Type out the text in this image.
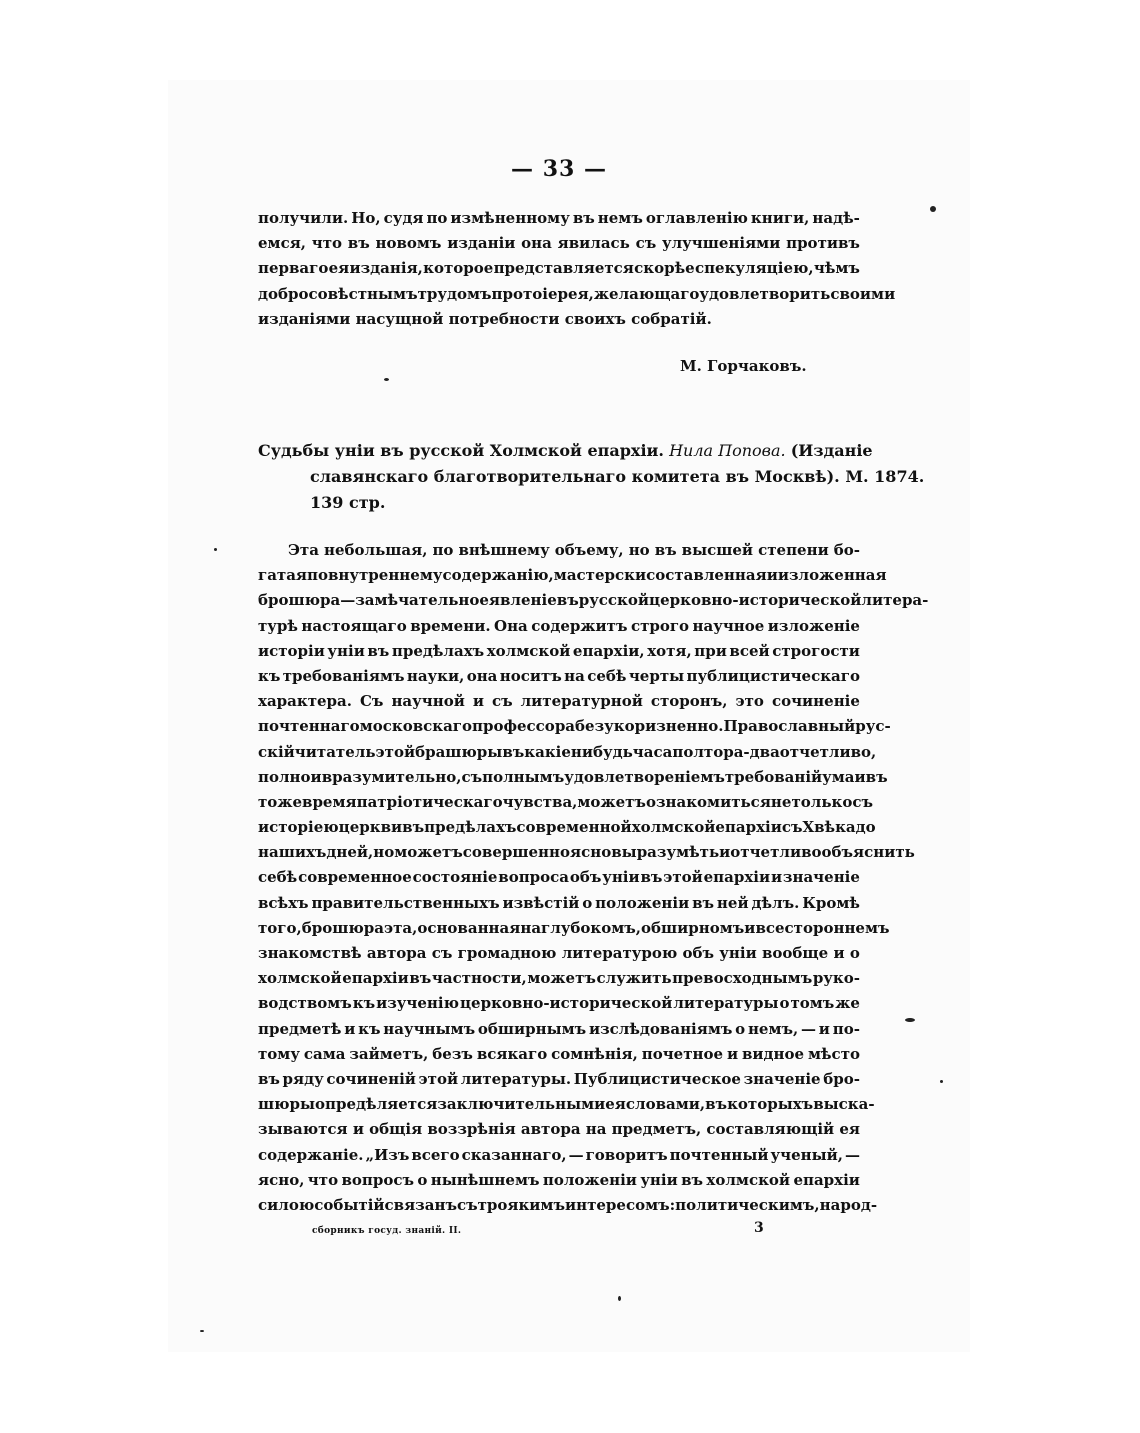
— 33 —
получили. Но, судя по измѣненному въ немъ оглавленію книги, надѣ-
емся, что въ новомъ изданіи она явилась съ улучшеніями противъ
перваго ея изданія, которое представляется скорѣе спекуляціею, чѣмъ
добросовѣстнымъ трудомъ протоіерея, желающаго удовлетворить своими
изданіями насущной потребности своихъ собратій.
М. Горчаковъ.
Судьбы уніи въ русской Холмской епархіи. Нила Попова. (Изданіе
славянскаго благотворительнаго комитета въ Москвѣ). М. 1874.
139 стр.
Эта небольшая, по внѣшнему объему, но въ высшей степени бо-
гатая по внутреннему содержанію, мастерски составленная и изложенная
брошюра—замѣчательное явленіе въ русской церковно-исторической литера-
турѣ настоящаго времени. Она содержитъ строго научное изложеніе
исторіи уніи въ предѣлахъ холмской епархіи, хотя, при всей строгости
къ требованіямъ науки, она носитъ на себѣ черты публицистическаго
характера. Съ научной и съ литературной сторонъ, это сочиненіе
почтеннаго московскаго профессора безукоризненно. Православный рус-
скій читатель этой брашюры въ какіе нибудь часа полтора-два отчетливо,
полно и вразумительно, съ полнымъ удовлетвореніемъ требованій ума и въ
то же время патріотическаго чувства, можетъ ознакомиться не только съ
исторіею церкви въ предѣлахъ современной холмской епархіи съ X вѣка до
нашихъ дней, но можетъ совершенно ясно выразумѣть и отчетливо объяснить
себѣ современное состояніе вопроса объ уніи въ этой епархіи и значеніе
всѣхъ правительственныхъ извѣстій о положеніи въ ней дѣлъ. Кромѣ
того, брошюра эта, основанная на глубокомъ, обширномъ и всестороннемъ
знакомствѣ автора съ громадною литературою объ уніи вообще и о
холмской епархіи въ частности, можетъ служить превосходнымъ руко-
водствомъ къ изученію церковно-исторической литературы о томъ же
предметѣ и къ научнымъ обширнымъ изслѣдованіямъ о немъ, — и по-
тому сама займетъ, безъ всякаго сомнѣнія, почетное и видное мѣсто
въ ряду сочиненій этой литературы. Публицистическое значеніе бро-
шюры опредѣляется заключительными ея словами, въ которыхъ выска-
зываются и общія воззрѣнія автора на предметъ, составляющій ея
содержаніе. „Изъ всего сказаннаго, — говоритъ почтенный ученый, —
ясно, что вопросъ о нынѣшнемъ положеніи уніи въ холмской епархіи
силою событій связанъ съ троякимъ интересомъ: политическимъ, народ-
сборникъ госуд. знаній. II.	3
